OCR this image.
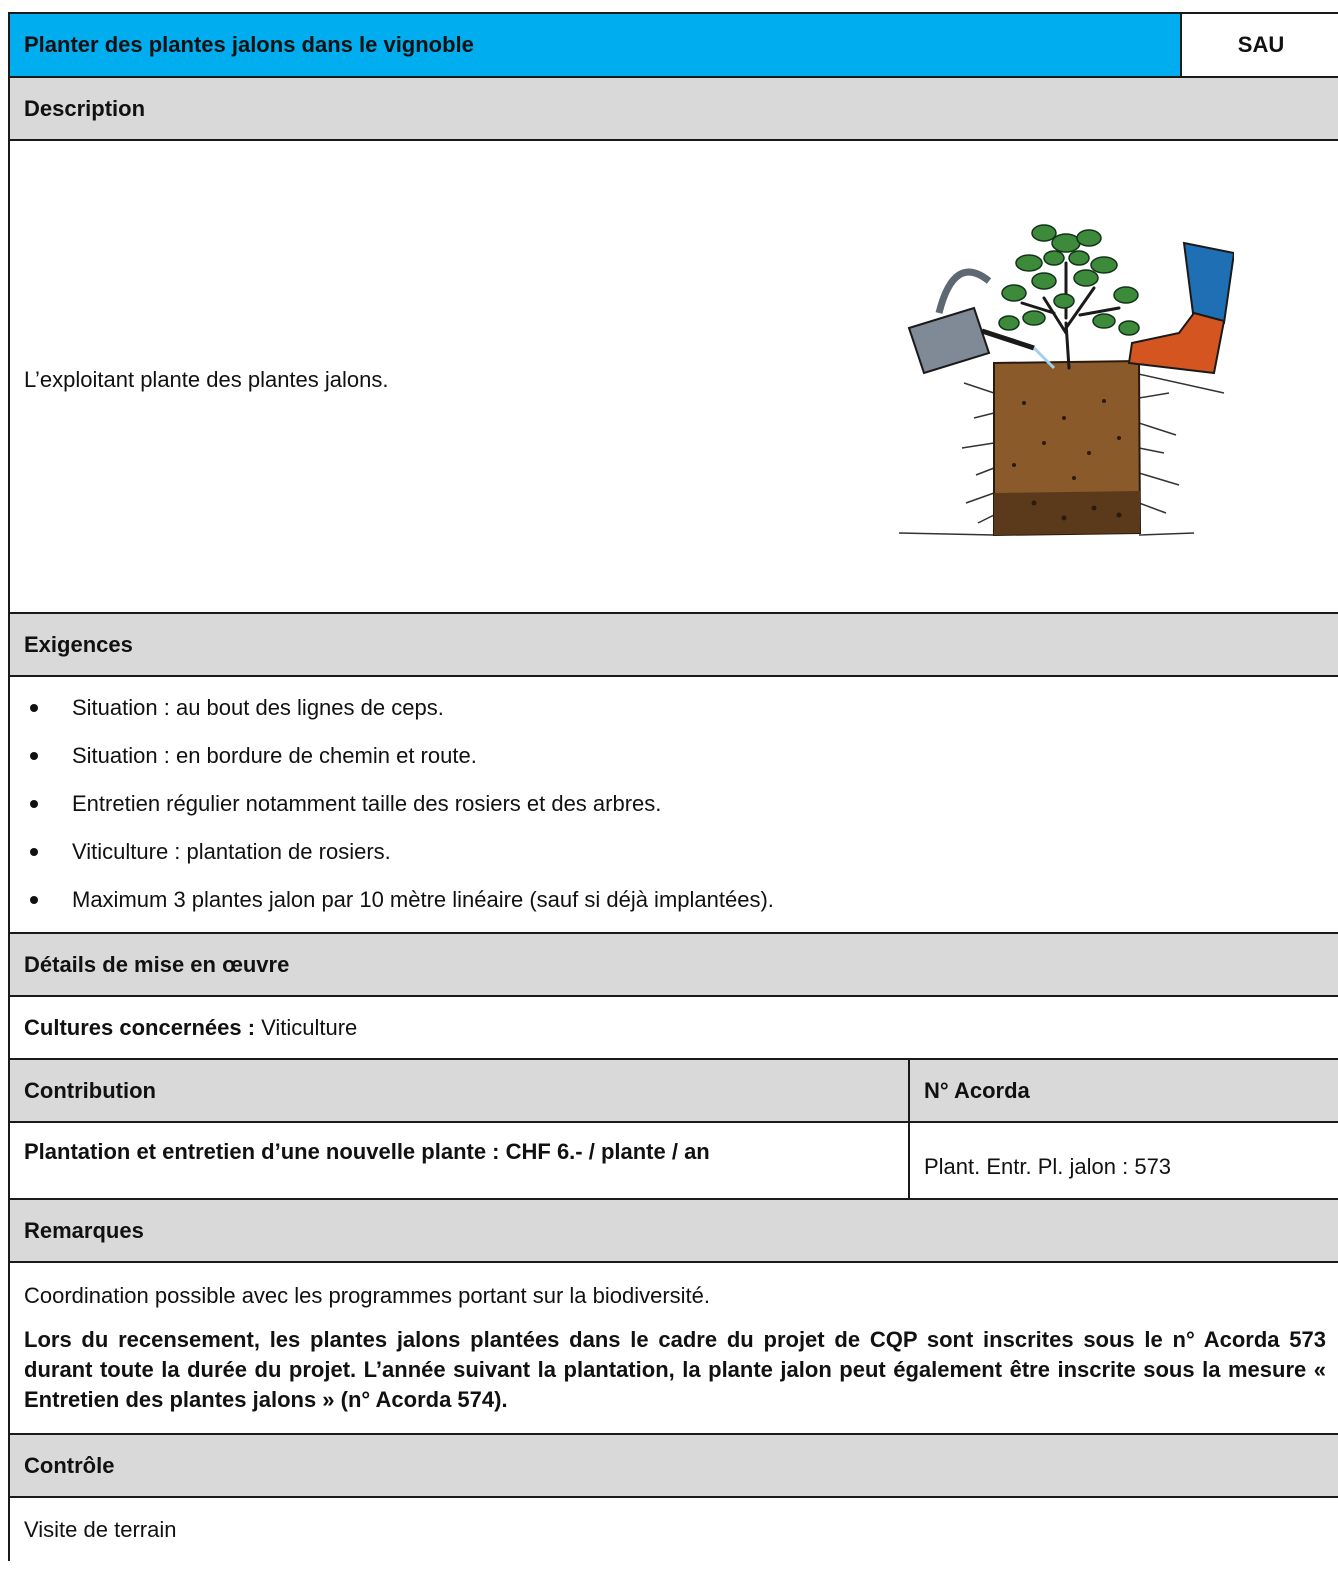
Planter des plantes jalons dans le vignoble	SAU
Description
L’exploitant plante des plantes jalons.
Exigences
Situation : au bout des lignes de ceps.
Situation : en bordure de chemin et route.
Entretien régulier notamment taille des rosiers et des arbres.
Viticulture : plantation de rosiers.
Maximum 3 plantes jalon par 10 mètre linéaire (sauf si déjà implantées).
Détails de mise en œuvre
Cultures concernées : Viticulture
Contribution	N° Acorda
Plantation et entretien d’une nouvelle plante : CHF 6.- / plante / an
Plant. Entr. Pl. jalon : 573
Remarques

Coordination possible avec les programmes portant sur la biodiversité.

Lors du recensement, les plantes jalons plantées dans le cadre du projet de CQP sont inscrites sous le n° Acorda 573 durant toute la durée du projet. L’année suivant la plantation, la plante jalon peut également être inscrite sous la mesure « Entretien des plantes jalons » (n° Acorda 574).

Contrôle
Visite de terrain
